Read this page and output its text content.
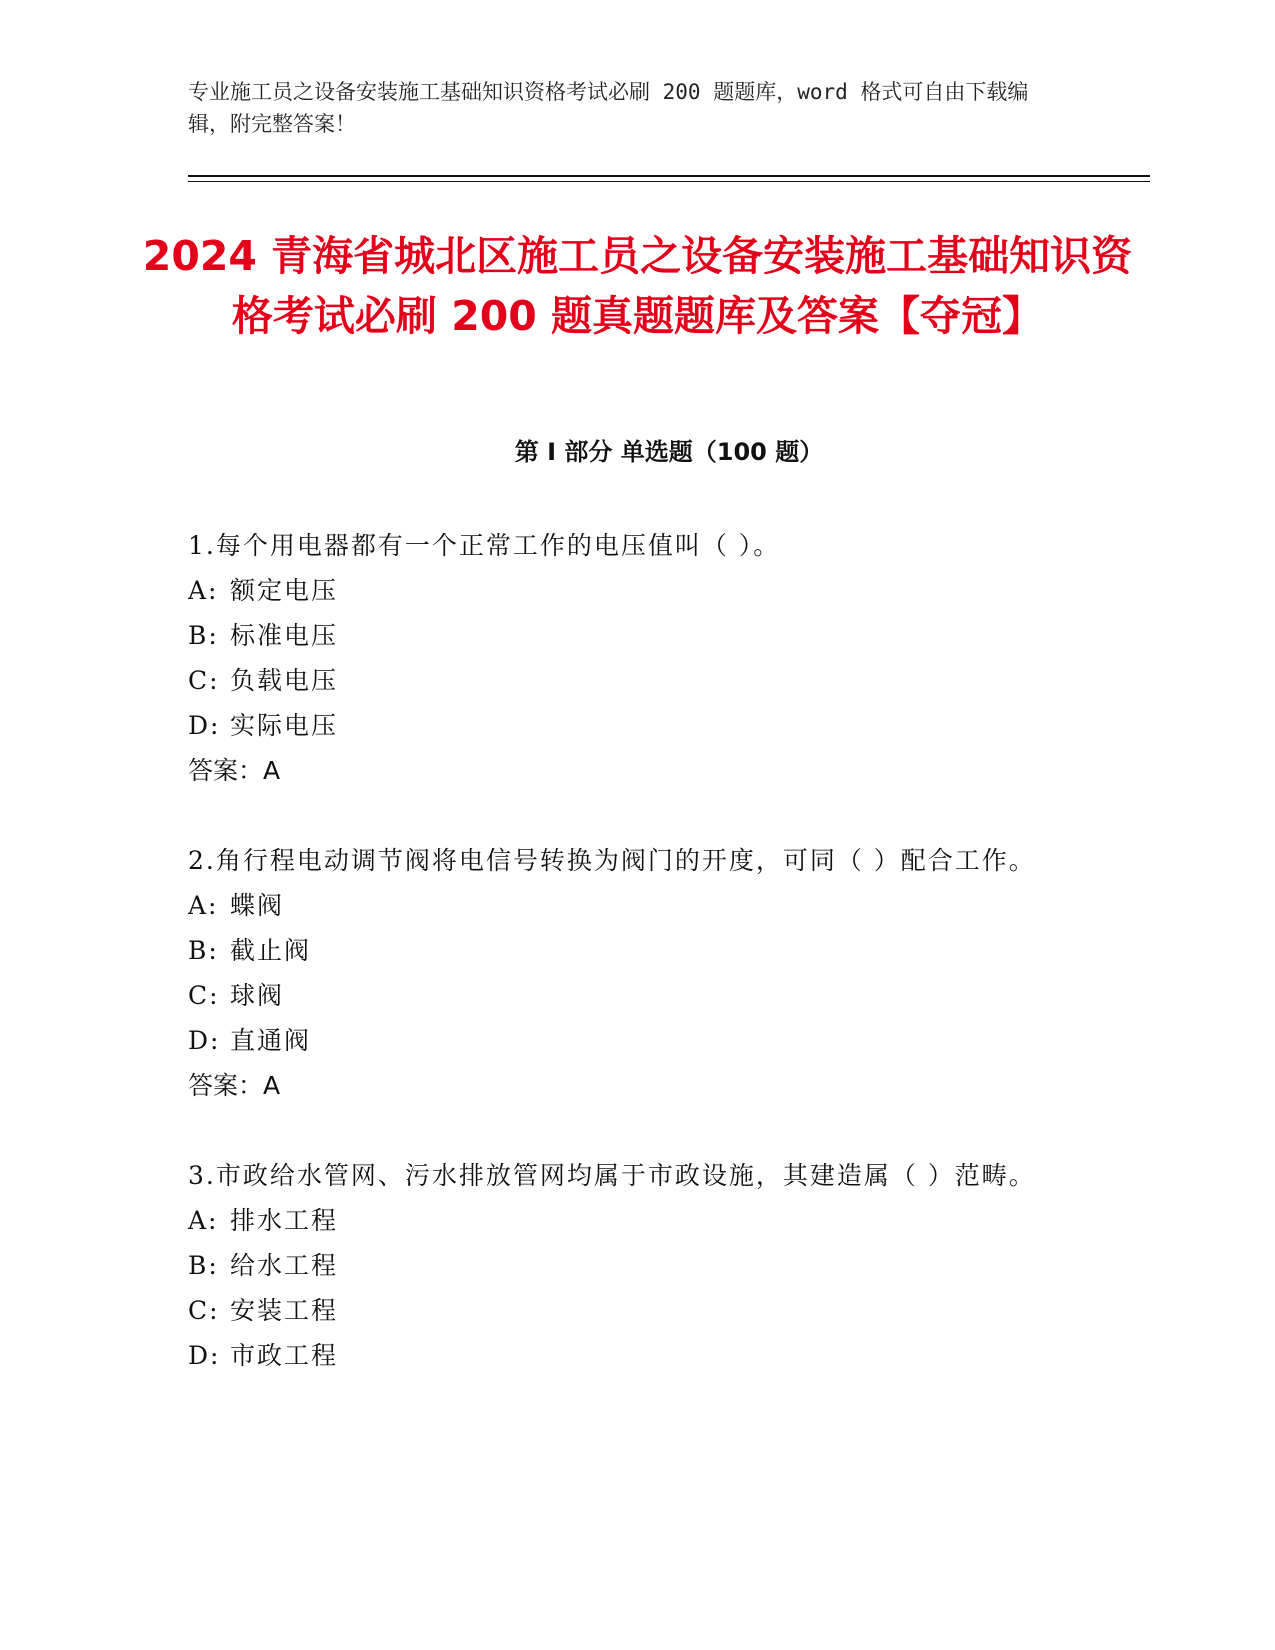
专业施工员之设备安装施工基础知识资格考试必刷 200 题题库，word 格式可自由下载编辑，附完整答案！

2024 青海省城北区施工员之设备安装施工基础知识资格考试必刷 200 题真题题库及答案【夺冠】
第 I 部分 单选题（100 题）

1.每个用电器都有一个正常工作的电压值叫（ ）。

A: 额定电压
B: 标准电压
C: 负载电压
D: 实际电压

答案：A

2.角行程电动调节阀将电信号转换为阀门的开度，可同（ ）配合工作。

A: 蝶阀
B: 截止阀
C: 球阀
D: 直通阀

答案：A

3.市政给水管网、污水排放管网均属于市政设施，其建造属（ ）范畴。

A: 排水工程
B: 给水工程
C: 安装工程
D: 市政工程
